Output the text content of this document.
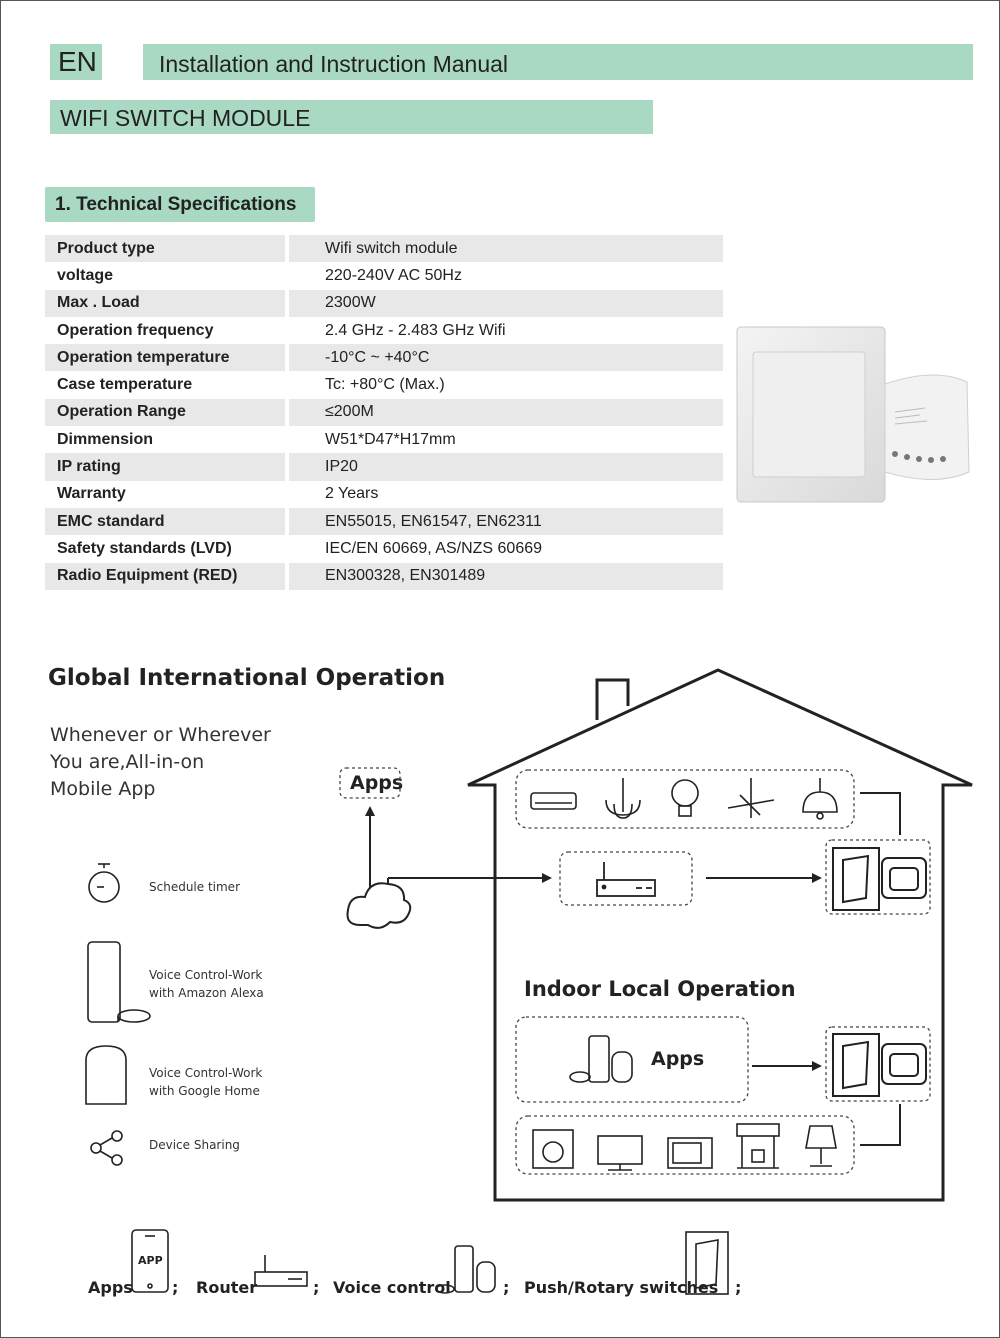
EN	Installation and Instruction Manual
WIFI SWITCH MODULE
1. Technical Specifications
Product type	Wifi switch module
voltage	220-240V AC 50Hz
Max . Load	2300W
Operation frequency	2.4 GHz - 2.483 GHz Wifi
Operation temperature	-10°C ~ +40°C
Case temperature	Tc: +80°C (Max.)
Operation Range	≤200M
Dimmension	W51*D47*H17mm
IP rating	IP20
Warranty	2 Years
EMC standard	EN55015, EN61547, EN62311
Safety standards (LVD)	IEC/EN 60669, AS/NZS 60669
Radio Equipment (RED)	EN300328, EN301489
Global International Operation
Whenever or Wherever
You are,All-in-on
Mobile App
Schedule timer
Voice Control-Work
with Amazon Alexa
Voice Control-Work
with Google Home
Device Sharing
Apps
Indoor Local Operation
Apps
APP
Apps ; Router	; Voice control	; Push/Rotary switches ;
